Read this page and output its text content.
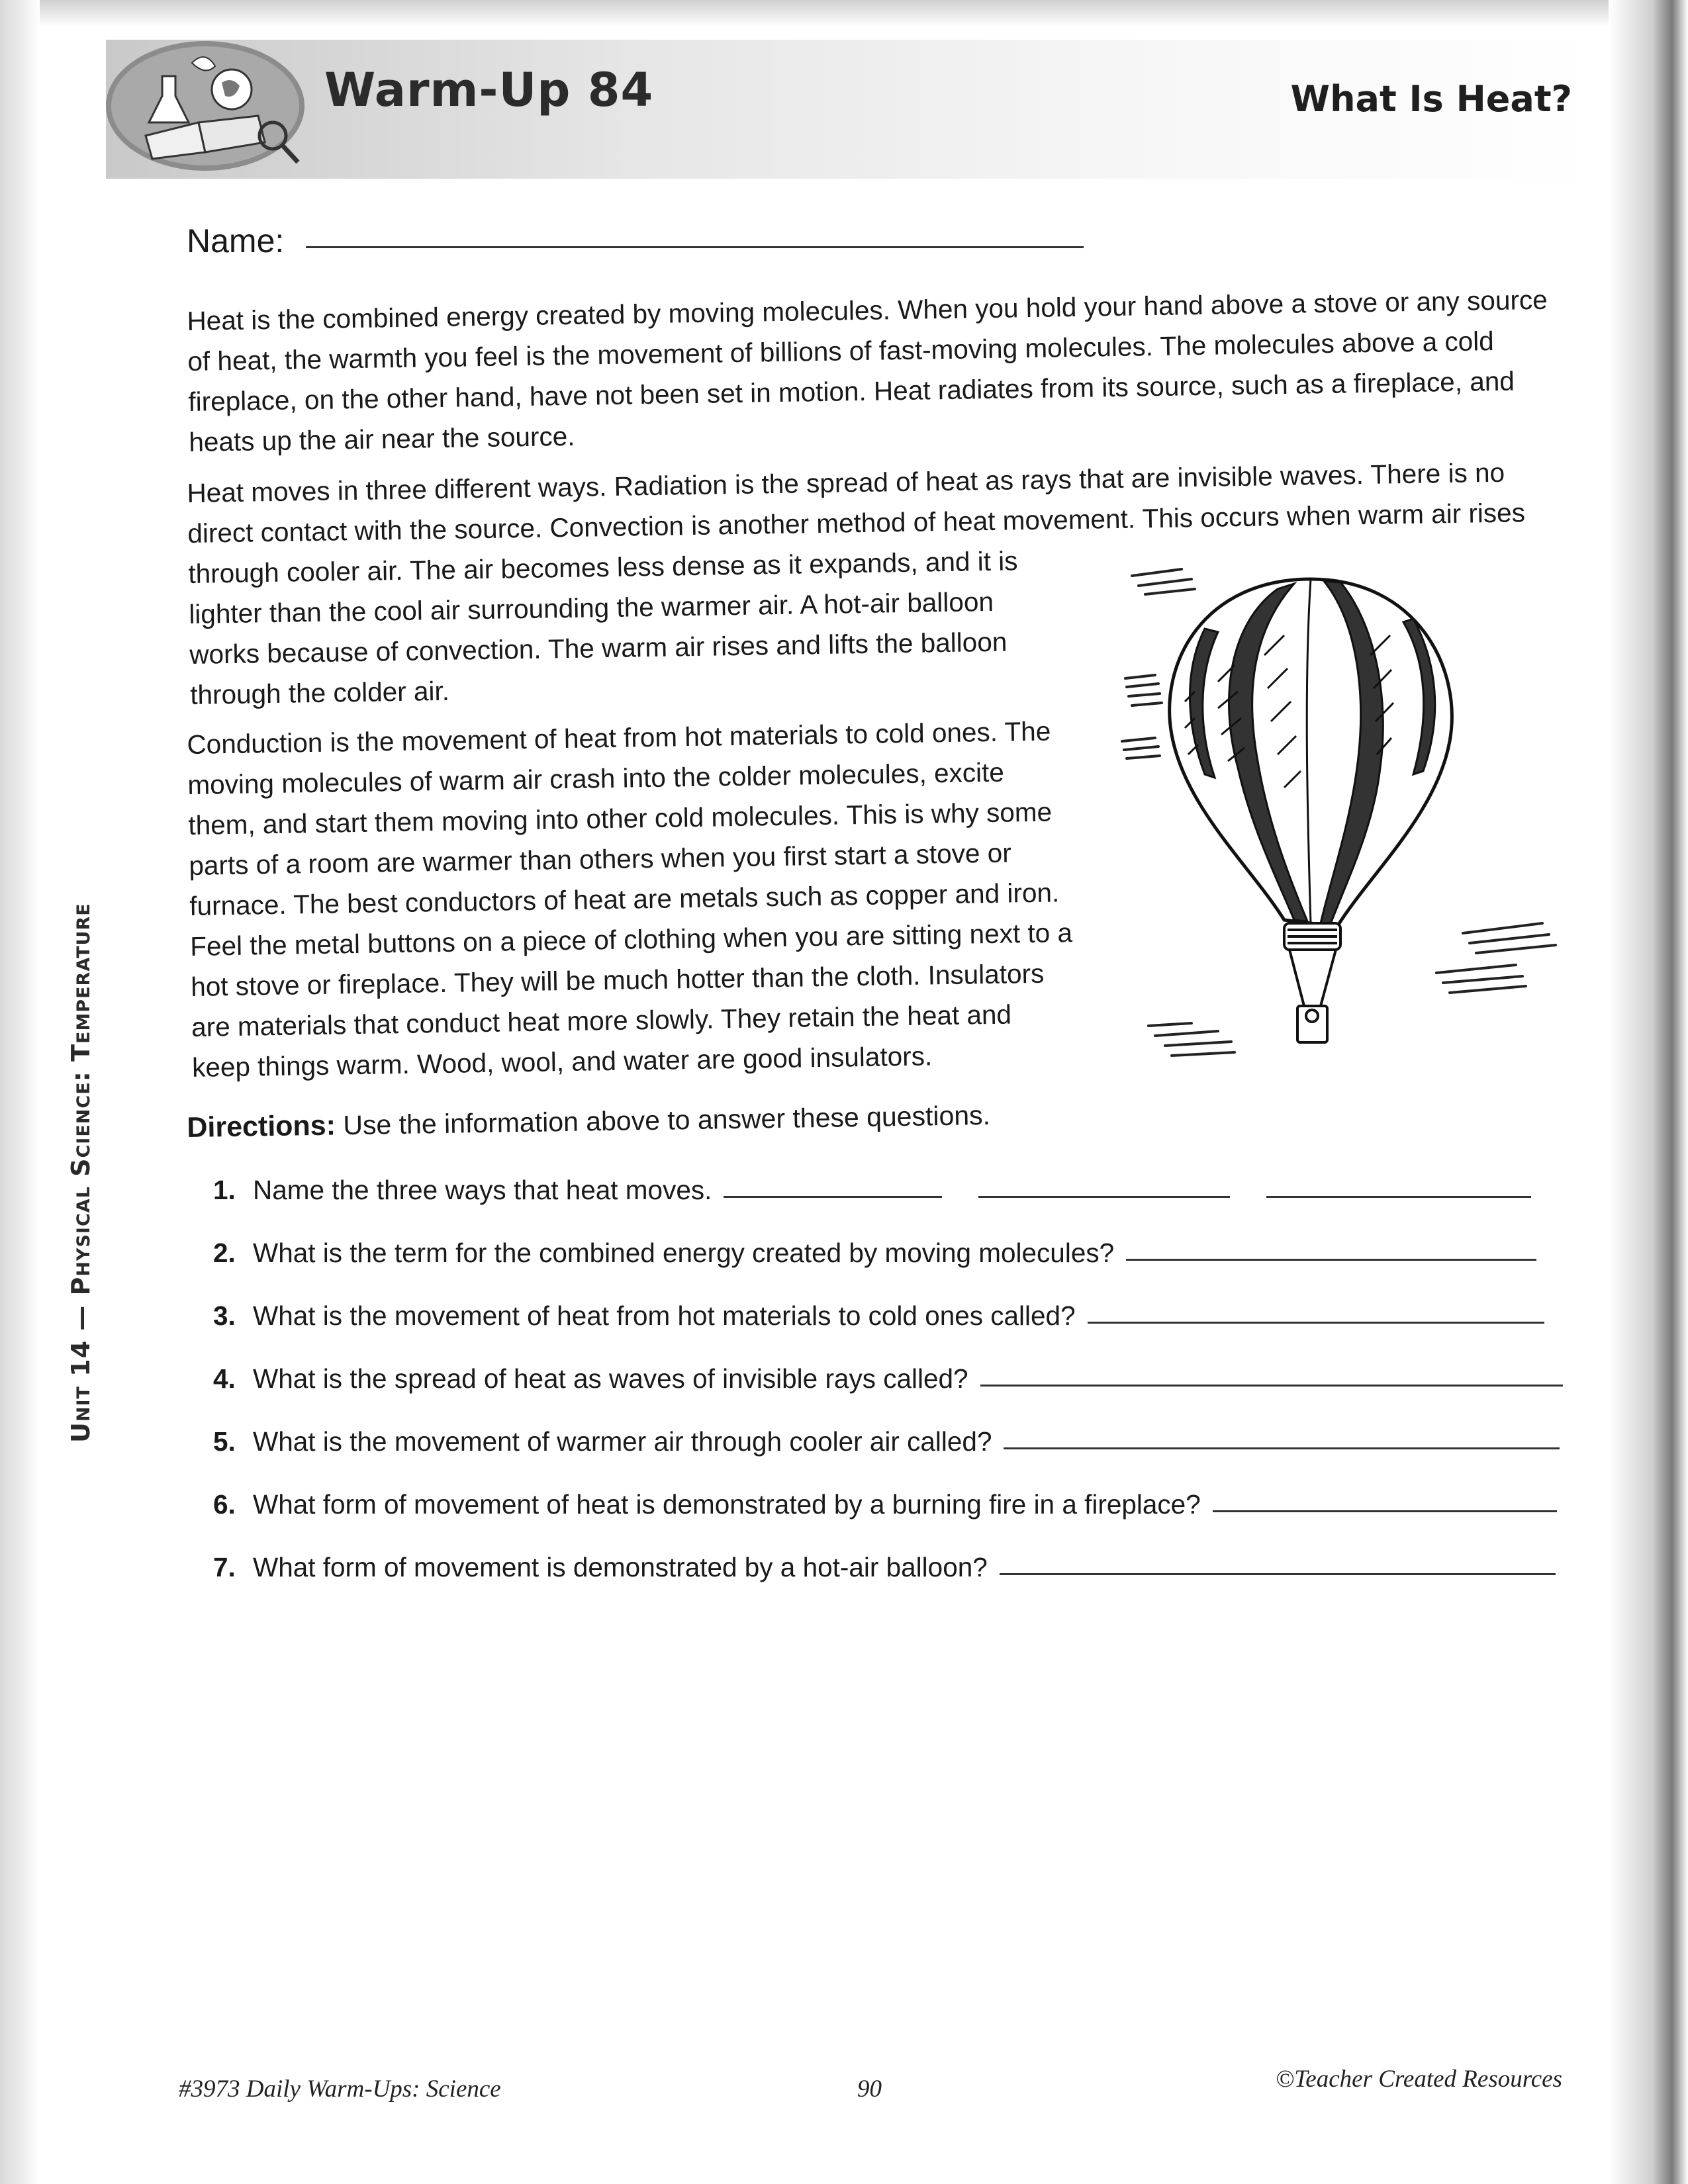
Warm-Up 84	What Is Heat?
Name:
Heat is the combined energy created by moving molecules. When you hold your hand above a stove or any source
of heat, the warmth you feel is the movement of billions of fast-moving molecules. The molecules above a cold
fireplace, on the other hand, have not been set in motion. Heat radiates from its source, such as a fireplace, and
heats up the air near the source.
Heat moves in three different ways. Radiation is the spread of heat as rays that are invisible waves. There is no
direct contact with the source. Convection is another method of heat movement. This occurs when warm air rises
through cooler air. The air becomes less dense as it expands, and it is
lighter than the cool air surrounding the warmer air. A hot-air balloon
works because of convection. The warm air rises and lifts the balloon
through the colder air.
Conduction is the movement of heat from hot materials to cold ones. The
moving molecules of warm air crash into the colder molecules, excite
them, and start them moving into other cold molecules. This is why some
parts of a room are warmer than others when you first start a stove or
furnace. The best conductors of heat are metals such as copper and iron.
Feel the metal buttons on a piece of clothing when you are sitting next to a
hot stove or fireplace. They will be much hotter than the cloth. Insulators
are materials that conduct heat more slowly. They retain the heat and
keep things warm. Wood, wool, and water are good insulators.
Directions: Use the information above to answer these questions.
1. Name the three ways that heat moves.
2. What is the term for the combined energy created by moving molecules?
3. What is the movement of heat from hot materials to cold ones called?
4. What is the spread of heat as waves of invisible rays called?
5. What is the movement of warmer air through cooler air called?
6. What form of movement of heat is demonstrated by a burning fire in a fireplace?
7. What form of movement is demonstrated by a hot-air balloon?
Unit 14 — Physical Science: Temperature
#3973 Daily Warm-Ups: Science	90	©Teacher Created Resources
